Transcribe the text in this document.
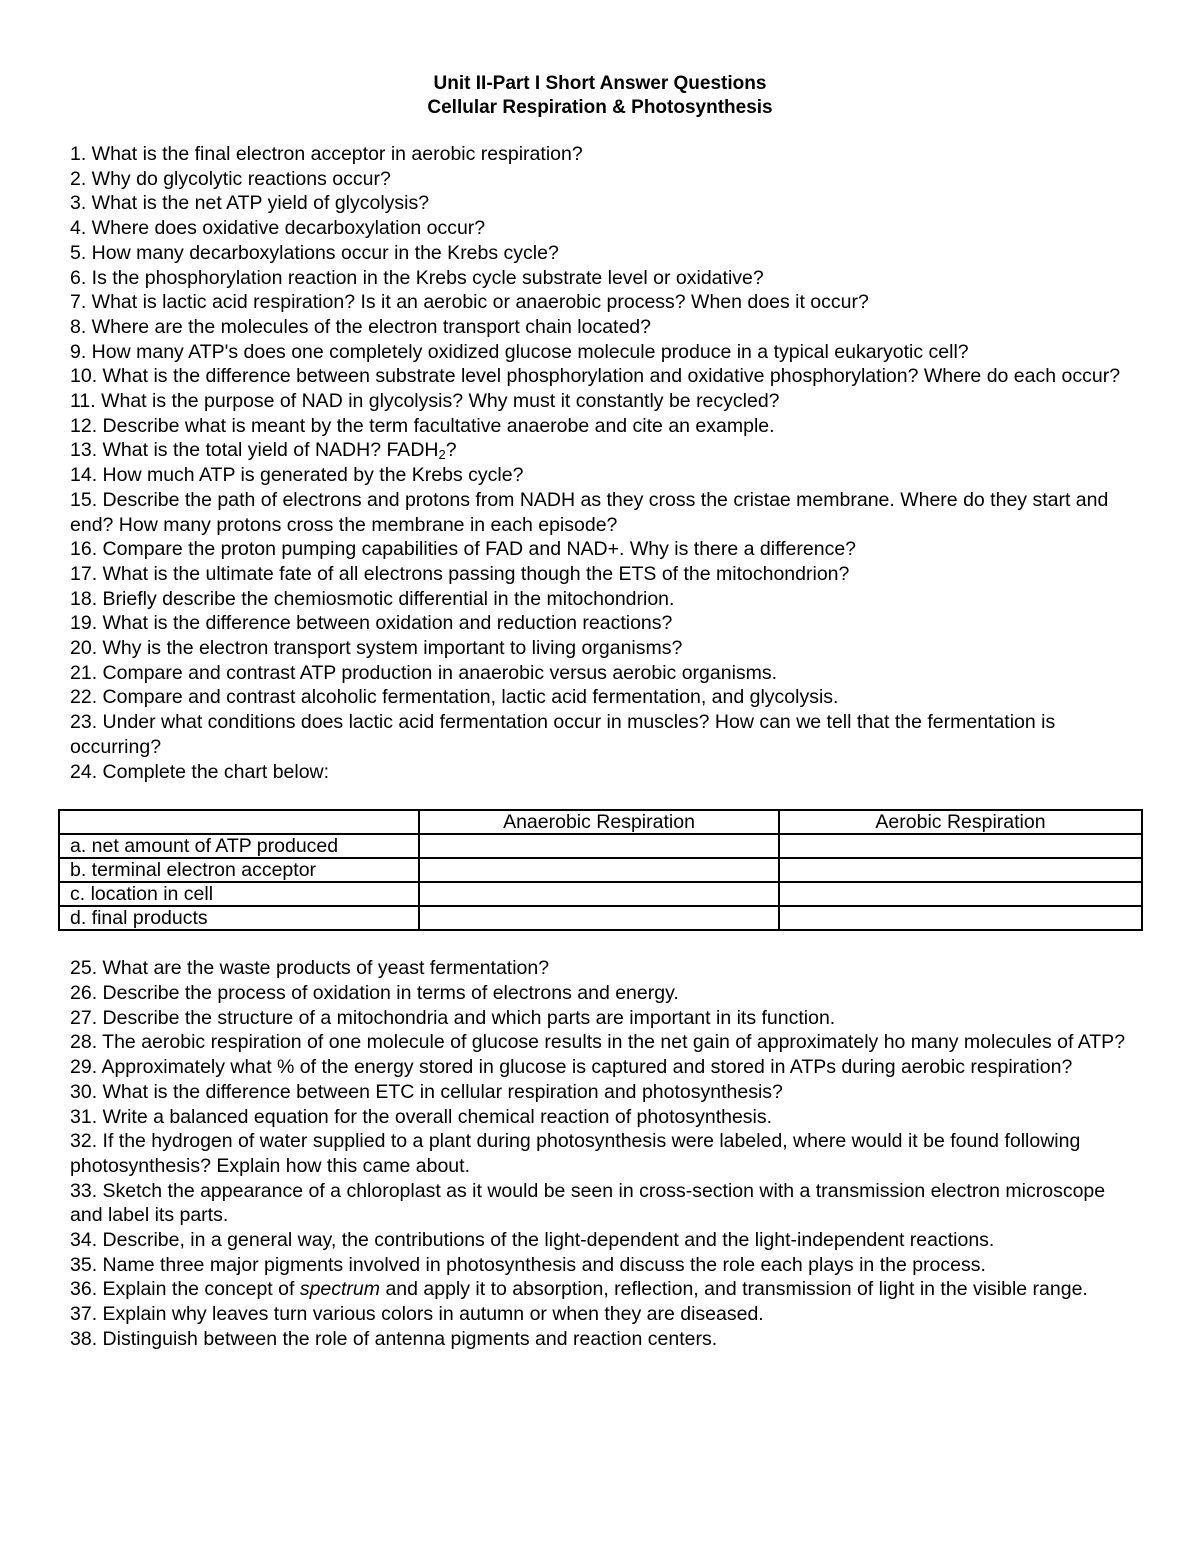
Unit II-Part I Short Answer Questions
Cellular Respiration & Photosynthesis

1. What is the final electron acceptor in aerobic respiration?

2. Why do glycolytic reactions occur?

3. What is the net ATP yield of glycolysis?

4. Where does oxidative decarboxylation occur?

5. How many decarboxylations occur in the Krebs cycle?

6. Is the phosphorylation reaction in the Krebs cycle substrate level or oxidative?

7. What is lactic acid respiration? Is it an aerobic or anaerobic process? When does it occur?

8. Where are the molecules of the electron transport chain located?

9. How many ATP's does one completely oxidized glucose molecule produce in a typical eukaryotic cell?

10. What is the difference between substrate level phosphorylation and oxidative phosphorylation? Where do each occur?

11. What is the purpose of NAD in glycolysis? Why must it constantly be recycled?

12. Describe what is meant by the term facultative anaerobe and cite an example.

13. What is the total yield of NADH? $FADH_2$?

14. How much ATP is generated by the Krebs cycle?

15. Describe the path of electrons and protons from NADH as they cross the cristae membrane. Where do they start and end? How many protons cross the membrane in each episode?

16. Compare the proton pumping capabilities of FAD and NAD+. Why is there a difference?

17. What is the ultimate fate of all electrons passing though the ETS of the mitochondrion?

18. Briefly describe the chemiosmotic differential in the mitochondrion.

19. What is the difference between oxidation and reduction reactions?

20. Why is the electron transport system important to living organisms?

21. Compare and contrast ATP production in anaerobic versus aerobic organisms.

22. Compare and contrast alcoholic fermentation, lactic acid fermentation, and glycolysis.

23. Under what conditions does lactic acid fermentation occur in muscles? How can we tell that the fermentation is occurring?

24. Complete the chart below:

	Anaerobic Respiration	Aerobic Respiration
a. net amount of ATP produced		
b. terminal electron acceptor		
c. location in cell		
d. final products		

25. What are the waste products of yeast fermentation?

26. Describe the process of oxidation in terms of electrons and energy.

27. Describe the structure of a mitochondria and which parts are important in its function.

28. The aerobic respiration of one molecule of glucose results in the net gain of approximately ho many molecules of ATP?

29. Approximately what % of the energy stored in glucose is captured and stored in ATPs during aerobic respiration?

30. What is the difference between ETC in cellular respiration and photosynthesis?

31. Write a balanced equation for the overall chemical reaction of photosynthesis.

32. If the hydrogen of water supplied to a plant during photosynthesis were labeled, where would it be found following photosynthesis? Explain how this came about.

33. Sketch the appearance of a chloroplast as it would be seen in cross-section with a transmission electron microscope and label its parts.

34. Describe, in a general way, the contributions of the light-dependent and the light-independent reactions.

35. Name three major pigments involved in photosynthesis and discuss the role each plays in the process.

36. Explain the concept of spectrum and apply it to absorption, reflection, and transmission of light in the visible range.

37. Explain why leaves turn various colors in autumn or when they are diseased.

38. Distinguish between the role of antenna pigments and reaction centers.
